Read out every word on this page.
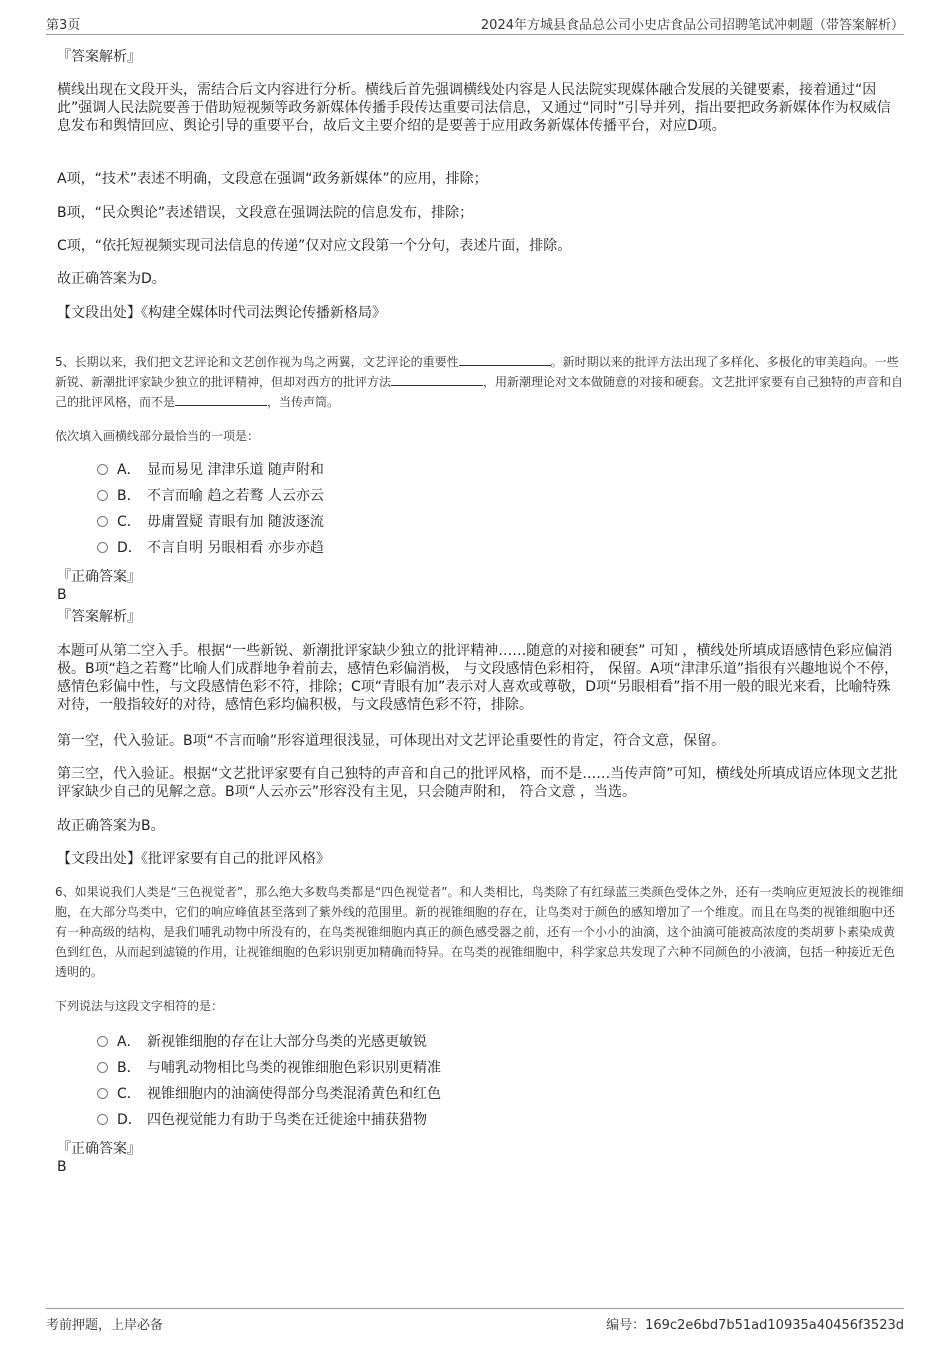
第3页	2024年方城县食品总公司小史店食品公司招聘笔试冲刺题（带答案解析）
『答案解析』
横线出现在文段开头，需结合后文内容进行分析。横线后首先强调横线处内容是人民法院实现媒体融合发展的关键要素，接着通过“因此”强调人民法院要善于借助短视频等政务新媒体传播手段传达重要司法信息，又通过“同时”引导并列，指出要把政务新媒体作为权威信息发布和舆情回应、舆论引导的重要平台，故后文主要介绍的是要善于应用政务新媒体传播平台，对应D项。
A项，“技术”表述不明确，文段意在强调“政务新媒体”的应用，排除；
B项，“民众舆论”表述错误，文段意在强调法院的信息发布，排除；
C项，“依托短视频实现司法信息的传递”仅对应文段第一个分句，表述片面，排除。
故正确答案为D。
【文段出处】《构建全媒体时代司法舆论传播新格局》
5、长期以来，我们把文艺评论和文艺创作视为鸟之两翼，文艺评论的重要性	。新时期以来的批评方法出现了多样化、多极化的审美趋向。一些新锐、新潮批评家缺少独立的批评精神，但却对西方的批评方法	，用新潮理论对文本做随意的对接和硬套。文艺批评家要有自己独特的声音和自己的批评风格，而不是	，当传声筒。
依次填入画横线部分最恰当的一项是：
A． 显而易见 津津乐道 随声附和
B． 不言而喻 趋之若鹜 人云亦云
C． 毋庸置疑 青眼有加 随波逐流
D． 不言自明 另眼相看 亦步亦趋
『正确答案』
B
『答案解析』
本题可从第二空入手。根据“一些新锐、新潮批评家缺少独立的批评精神……随意的对接和硬套” 可知 ，横线处所填成语感情色彩应偏消极。B项“趋之若鹜”比喻人们成群地争着前去，感情色彩偏消极， 与文段感情色彩相符， 保留。A项“津津乐道”指很有兴趣地说个不停，感情色彩偏中性，与文段感情色彩不符，排除；C项“青眼有加”表示对人喜欢或尊敬，D项“另眼相看”指不用一般的眼光来看，比喻特殊对待，一般指较好的对待，感情色彩均偏积极，与文段感情色彩不符，排除。
第一空，代入验证。B项“不言而喻”形容道理很浅显，可体现出对文艺评论重要性的肯定，符合文意，保留。
第三空，代入验证。根据“文艺批评家要有自己独特的声音和自己的批评风格，而不是……当传声筒”可知，横线处所填成语应体现文艺批评家缺少自己的见解之意。B项“人云亦云”形容没有主见，只会随声附和， 符合文意 ，当选。
故正确答案为B。
【文段出处】《批评家要有自己的批评风格》
6、如果说我们人类是“三色视觉者”，那么绝大多数鸟类都是“四色视觉者”。和人类相比，鸟类除了有红绿蓝三类颜色受体之外，还有一类响应更短波长的视锥细胞，在大部分鸟类中，它们的响应峰值甚至落到了紫外线的范围里。新的视锥细胞的存在，让鸟类对于颜色的感知增加了一个维度。而且在鸟类的视锥细胞中还有一种高级的结构，是我们哺乳动物中所没有的，在鸟类视锥细胞内真正的颜色感受器之前，还有一个小小的油滴，这个油滴可能被高浓度的类胡萝卜素染成黄色到红色，从而起到滤镜的作用，让视锥细胞的色彩识别更加精确而特异。在鸟类的视锥细胞中，科学家总共发现了六种不同颜色的小液滴，包括一种接近无色透明的。
下列说法与这段文字相符的是：
A． 新视锥细胞的存在让大部分鸟类的光感更敏锐
B． 与哺乳动物相比鸟类的视锥细胞色彩识别更精准
C． 视锥细胞内的油滴使得部分鸟类混淆黄色和红色
D． 四色视觉能力有助于鸟类在迁徙途中捕获猎物
『正确答案』
B
考前押题，上岸必备	编号：169c2e6bd7b51ad10935a40456f3523d
